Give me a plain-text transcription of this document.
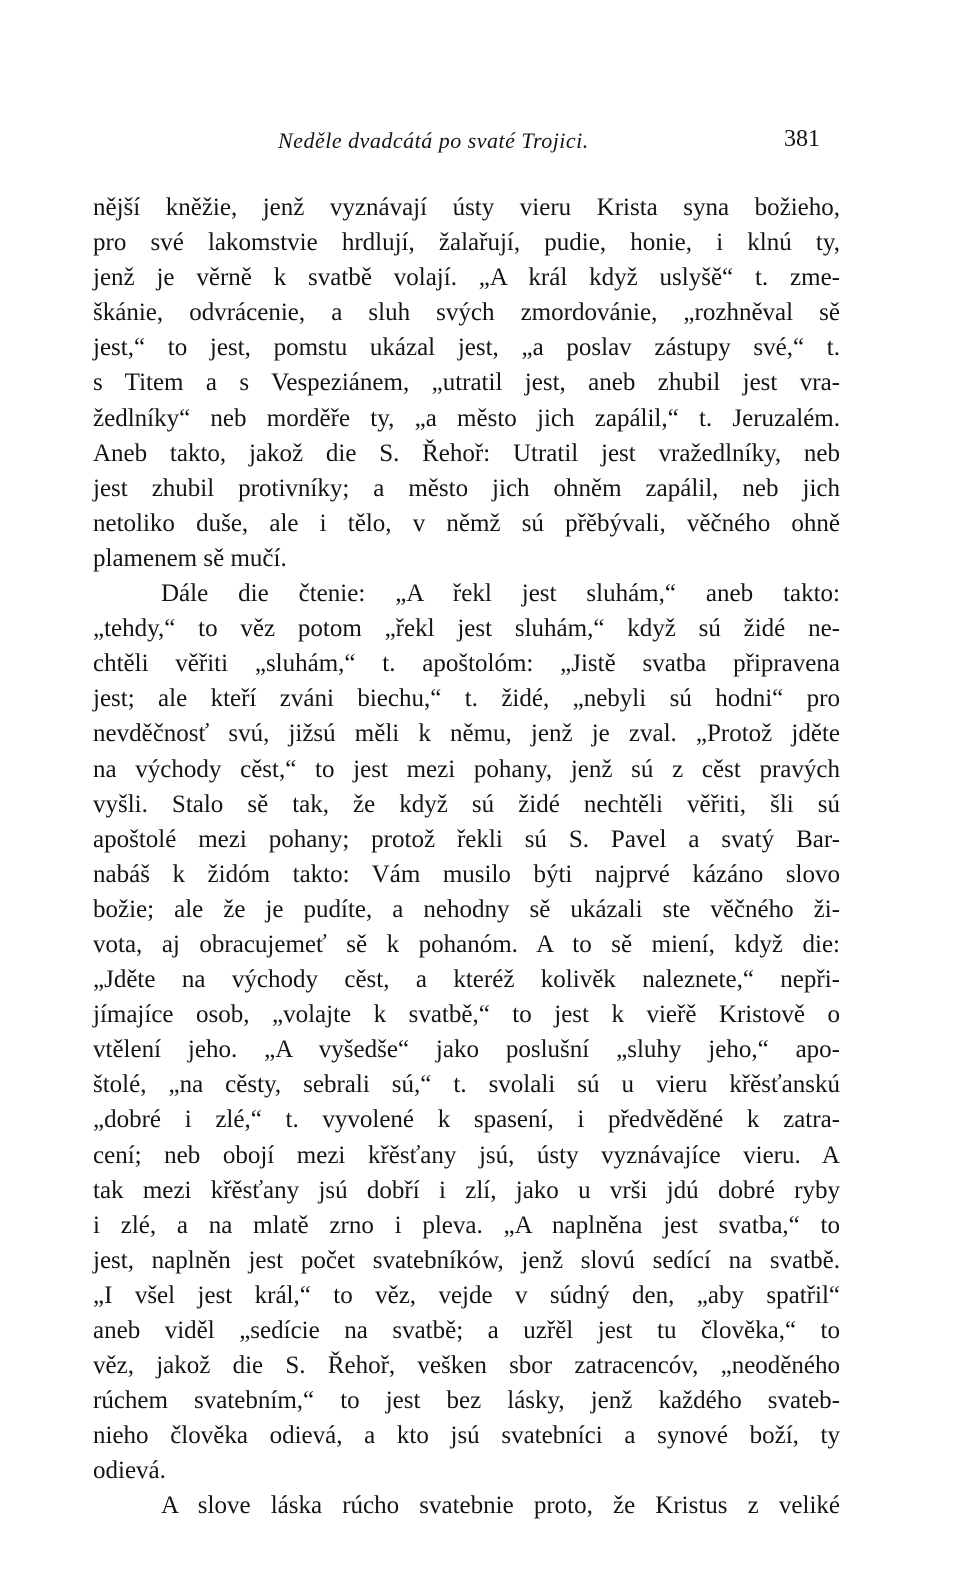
Neděle dvadcátá po svaté Trojici.	381
nější kněžie, jenž vyznávají ústy vieru Krista syna božieho,
pro své lakomstvie hrdlují, žalařují, pudie, honie, i klnú ty,
jenž je věrně k svatbě volají. „A král když uslyšě“ t. zme-
škánie, odvrácenie, a sluh svých zmordovánie, „rozhněval sě
jest,“ to jest, pomstu ukázal jest, „a poslav zástupy své,“ t.
s Titem a s Vespeziánem, „utratil jest, aneb zhubil jest vra-
žedlníky“ neb morděře ty, „a město jich zapálil,“ t. Jeruzalém.
Aneb takto, jakož die S. Řehoř: Utratil jest vražedlníky, neb
jest zhubil protivníky; a město jich ohněm zapálil, neb jich
netoliko duše, ale i tělo, v němž sú přěbývali, věčného ohně
plamenem sě mučí.
Dále die čtenie: „A řekl jest sluhám,“ aneb takto:
„tehdy,“ to věz potom „řekl jest sluhám,“ když sú židé ne-
chtěli věřiti „sluhám,“ t. apoštolóm: „Jistě svatba připravena
jest; ale kteří zváni biechu,“ t. židé, „nebyli sú hodni“ pro
nevděčnosť svú, jižsú měli k němu, jenž je zval. „Protož jděte
na východy cěst,“ to jest mezi pohany, jenž sú z cěst pravých
vyšli. Stalo sě tak, že když sú židé nechtěli věřiti, šli sú
apoštolé mezi pohany; protož řekli sú S. Pavel a svatý Bar-
nabáš k židóm takto: Vám musilo býti najprvé kázáno slovo
božie; ale že je pudíte, a nehodny sě ukázali ste věčného ži-
vota, aj obracujemeť sě k pohanóm. A to sě miení, když die:
„Jděte na východy cěst, a kteréž kolivěk naleznete,“ nepři-
jímajíce osob, „volajte k svatbě,“ to jest k vieřě Kristově o
vtělení jeho. „A vyšedše“ jako poslušní „sluhy jeho,“ apo-
štolé, „na cěsty, sebrali sú,“ t. svolali sú u vieru křěsťanskú
„dobré i zlé,“ t. vyvolené k spasení, i předvěděné k zatra-
cení; neb obojí mezi křěsťany jsú, ústy vyznávajíce vieru. A
tak mezi křěsťany jsú dobří i zlí, jako u vrši jdú dobré ryby
i zlé, a na mlatě zrno i pleva. „A naplněna jest svatba,“ to
jest, naplněn jest počet svatebníków, jenž slovú sedící na svatbě.
„I všel jest král,“ to věz, vejde v súdný den, „aby spatřil“
aneb viděl „sedície na svatbě; a uzřěl jest tu člověka,“ to
věz, jakož die S. Řehoř, vešken sbor zatracencóv, „neoděného
rúchem svatebním,“ to jest bez lásky, jenž každého svateb-
nieho člověka odievá, a kto jsú svatebníci a synové boží, ty
odievá.
A slove láska rúcho svatebnie proto, že Kristus z veliké
